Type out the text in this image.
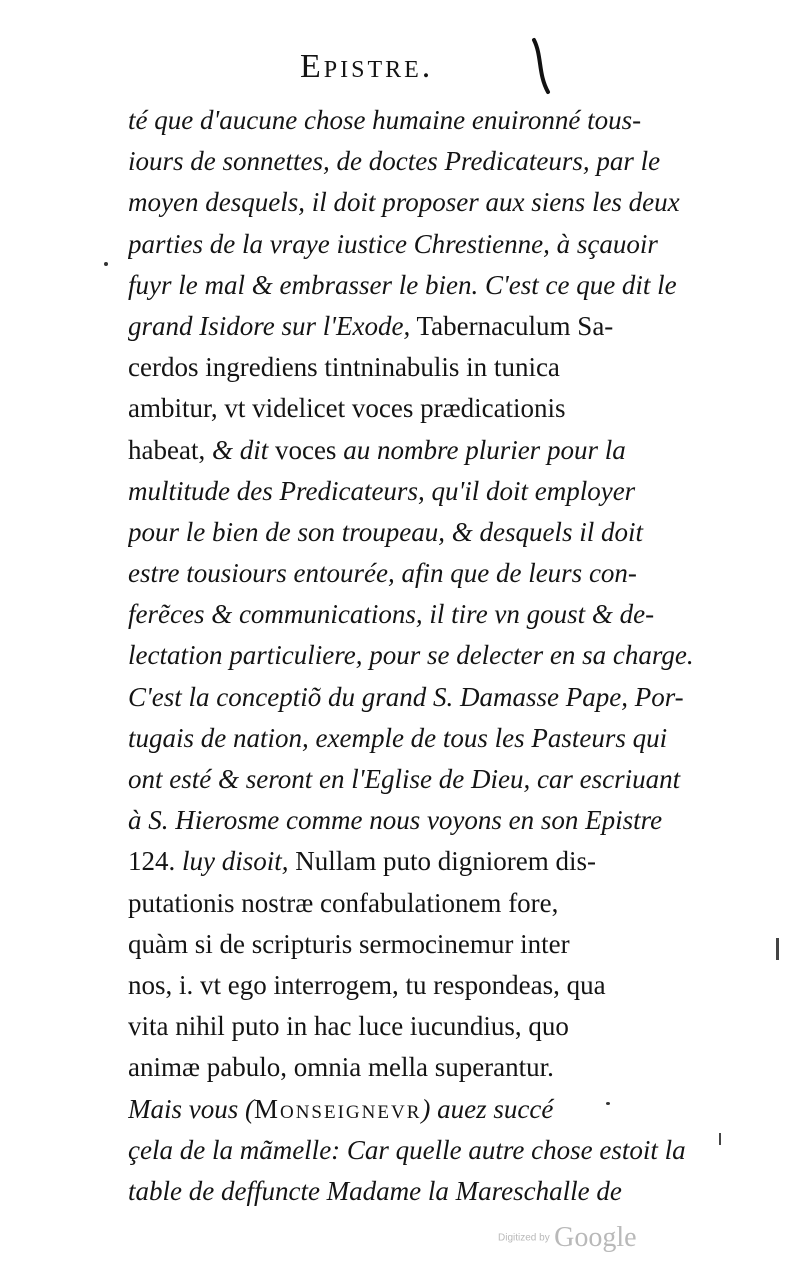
Epistre.
té que d'aucune chose humaine enuironné tous-
iours de sonnettes, de doctes Predicateurs, par le
moyen desquels, il doit proposer aux siens les deux
parties de la vraye iustice Chrestienne, à sçauoir
fuyr le mal & embrasser le bien. C'est ce que dit le
grand Isidore sur l'Exode, Tabernaculum Sa-
cerdos ingrediens tintninabulis in tunica
ambitur, vt videlicet voces prædicationis
habeat, & dit voces au nombre plurier pour la
multitude des Predicateurs, qu'il doit employer
pour le bien de son troupeau, & desquels il doit
estre tousiours entourée, afin que de leurs con-
ferẽces & communications, il tire vn goust & de-
lectation particuliere, pour se delecter en sa charge.
C'est la conceptiõ du grand S. Damasse Pape, Por-
tugais de nation, exemple de tous les Pasteurs qui
ont esté & seront en l'Eglise de Dieu, car escriuant
à S. Hierosme comme nous voyons en son Epistre
124. luy disoit, Nullam puto digniorem dis-
putationis nostræ confabulationem fore,
quàm si de scripturis sermocinemur inter
nos, i. vt ego interrogem, tu respondeas, qua
vita nihil puto in hac luce iucundius, quo
animæ pabulo, omnia mella superantur.
Mais vous (Monseignevr) auez succé
çela de la mãmelle: Car quelle autre chose estoit la
table de deffuncte Madame la Mareschalle de
Digitized by Google
